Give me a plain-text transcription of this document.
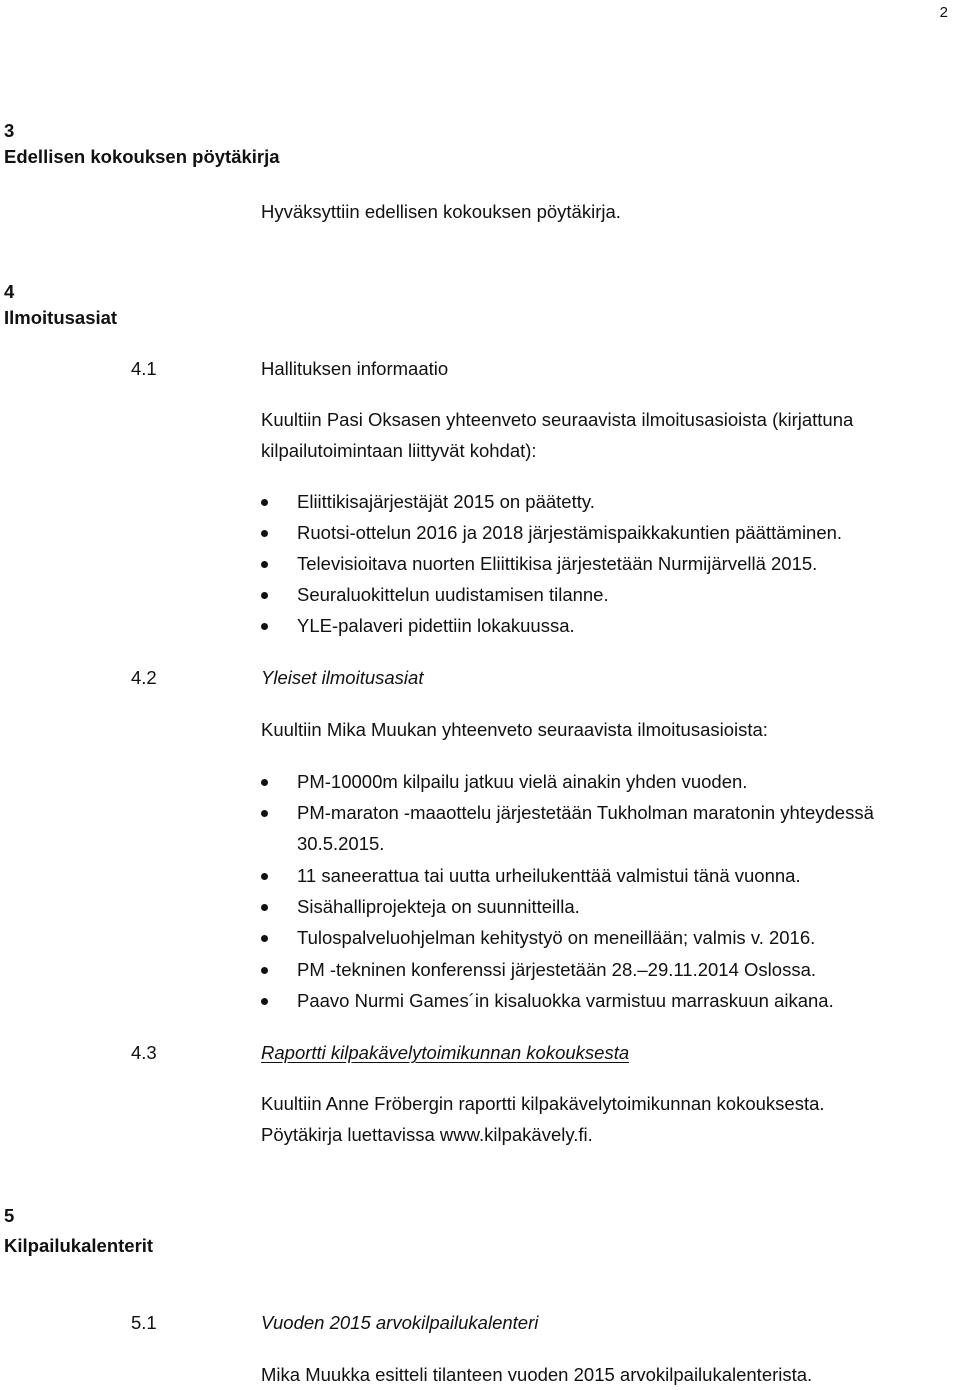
2
3
Edellisen kokouksen pöytäkirja
Hyväksyttiin edellisen kokouksen pöytäkirja.
4
Ilmoitusasiat
4.1	Hallituksen informaatio
Kuultiin Pasi Oksasen yhteenveto seuraavista ilmoitusasioista (kirjattuna
kilpailutoimintaan liittyvät kohdat):
Eliittikisajärjestäjät 2015 on päätetty.
Ruotsi-ottelun 2016 ja 2018 järjestämispaikkakuntien päättäminen.
Televisioitava nuorten Eliittikisa järjestetään Nurmijärvellä 2015.
Seuraluokittelun uudistamisen tilanne.
YLE-palaveri pidettiin lokakuussa.
4.2	Yleiset ilmoitusasiat
Kuultiin Mika Muukan yhteenveto seuraavista ilmoitusasioista:
PM-10000m kilpailu jatkuu vielä ainakin yhden vuoden.
PM-maraton -maaottelu järjestetään Tukholman maratonin yhteydessä
30.5.2015.
11 saneerattua tai uutta urheilukenttää valmistui tänä vuonna.
Sisähalliprojekteja on suunnitteilla.
Tulospalveluohjelman kehitystyö on meneillään; valmis v. 2016.
PM -tekninen konferenssi järjestetään 28.–29.11.2014 Oslossa.
Paavo Nurmi Games´in kisaluokka varmistuu marraskuun aikana.
4.3	Raportti kilpakävelytoimikunnan kokouksesta
Kuultiin Anne Fröbergin raportti kilpakävelytoimikunnan kokouksesta.
Pöytäkirja luettavissa www.kilpakävely.fi.
5
Kilpailukalenterit
5.1	Vuoden 2015 arvokilpailukalenteri
Mika Muukka esitteli tilanteen vuoden 2015 arvokilpailukalenterista.
